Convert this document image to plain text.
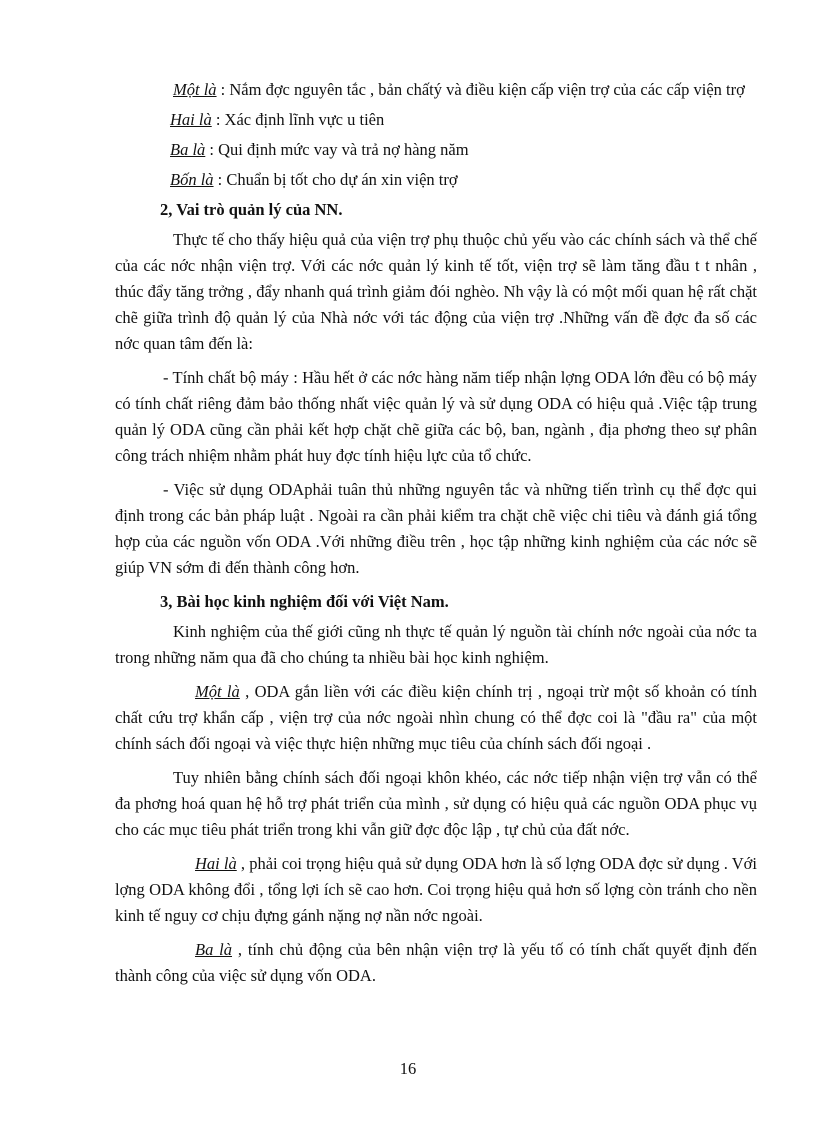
Một là : Nắm đợc nguyên tắc , bản chấtý và điều kiện cấp viện trợ của các cấp viện trợ

Hai là : Xác định lĩnh vực u tiên

Ba là : Qui định mức vay và trả nợ hàng năm

Bốn là : Chuẩn bị tốt cho dự án xin viện trợ

2, Vai trò quản lý của NN.

Thực tế cho thấy hiệu quả của viện trợ phụ thuộc chủ yếu vào các chính sách và thể chế của các nớc nhận viện trợ. Với các nớc quản lý kinh tế tốt, viện trợ sẽ làm tăng đầu t t nhân , thúc đẩy tăng trởng , đẩy nhanh quá trình giảm đói nghèo. Nh vậy là có một mối quan hệ rất chặt chẽ giữa trình độ quản lý của Nhà nớc với tác động của viện trợ .Những vấn đề đợc đa số các nớc quan tâm đến là:

- Tính chất bộ máy : Hầu hết ở các nớc hàng năm tiếp nhận lợng ODA lớn đều có bộ máy có tính chất riêng đảm bảo thống nhất việc quản lý và sử dụng ODA có hiệu quả .Việc tập trung quản lý ODA cũng cần phải kết hợp chặt chẽ giữa các bộ, ban, ngành , địa phơng theo sự phân công trách nhiệm nhằm phát huy đợc tính hiệu lực của tổ chức.

- Việc sử dụng ODAphải tuân thủ những nguyên tắc và những tiến trình cụ thể đợc qui định trong các bản pháp luật . Ngoài ra cần phải kiểm tra chặt chẽ việc chi tiêu và đánh giá tổng hợp của các nguồn vốn ODA .Với những điều trên , học tập những kinh nghiệm của các nớc sẽ giúp VN sớm đi đến thành công hơn.

3, Bài học kinh nghiệm đối với Việt Nam.

Kinh nghiệm của thế giới cũng nh thực tế quản lý nguồn tài chính nớc ngoài của nớc ta trong những năm qua đã cho chúng ta nhiều bài học kinh nghiệm.

Một là , ODA gắn liền với các điều kiện chính trị , ngoại trừ một số khoản có tính chất cứu trợ khẩn cấp , viện trợ của nớc ngoài nhìn chung có thể đợc coi là "đầu ra" của một chính sách đối ngoại và việc thực hiện những mục tiêu của chính sách đối ngoại .

Tuy nhiên bằng chính sách đối ngoại khôn khéo, các nớc tiếp nhận viện trợ vẫn có thể đa phơng hoá quan hệ hỗ trợ phát triển của mình , sử dụng có hiệu quả các nguồn ODA phục vụ cho các mục tiêu phát triển trong khi vẫn giữ đợc độc lập , tự chủ của đất nớc.

Hai là , phải coi trọng hiệu quả sử dụng ODA hơn là số lợng ODA đợc sử dụng . Với lợng ODA không đổi , tổng lợi ích sẽ cao hơn. Coi trọng hiệu quả hơn số lợng còn tránh cho nền kinh tế nguy cơ chịu đựng gánh nặng nợ nần nớc ngoài.

Ba là , tính chủ động của bên nhận viện trợ là yếu tố có tính chất quyết định đến thành công của việc sử dụng vốn ODA.

16
